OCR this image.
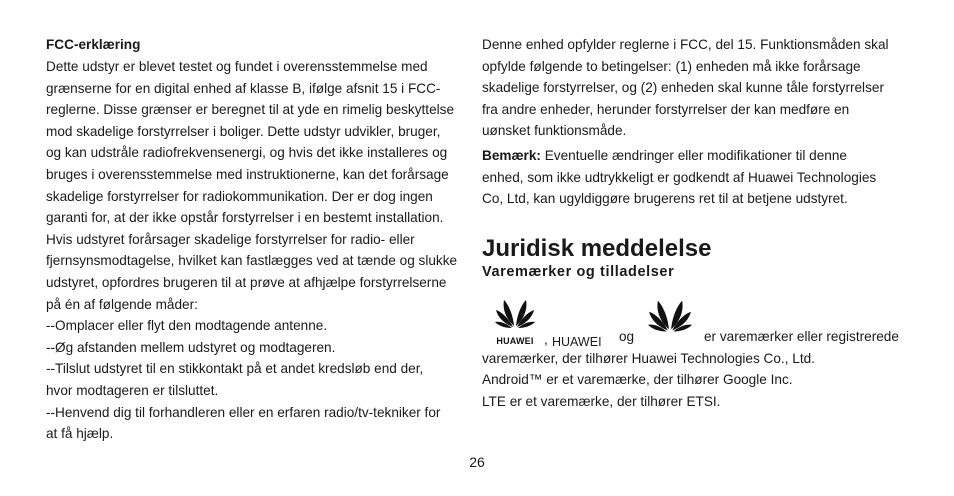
FCC-erklæring

Dette udstyr er blevet testet og fundet i overensstemmelse med

grænserne for en digital enhed af klasse B, ifølge afsnit 15 i FCC-

reglerne. Disse grænser er beregnet til at yde en rimelig beskyttelse

mod skadelige forstyrrelser i boliger. Dette udstyr udvikler, bruger,

og kan udstråle radiofrekvensenergi, og hvis det ikke installeres og

bruges i overensstemmelse med instruktionerne, kan det forårsage

skadelige forstyrrelser for radiokommunikation. Der er dog ingen

garanti for, at der ikke opstår forstyrrelser i en bestemt installation.

Hvis udstyret forårsager skadelige forstyrrelser for radio- eller

fjernsynsmodtagelse, hvilket kan fastlægges ved at tænde og slukke

udstyret, opfordres brugeren til at prøve at afhjælpe forstyrrelserne

på én af følgende måder:

--Omplacer eller flyt den modtagende antenne.

--Øg afstanden mellem udstyret og modtageren.

--Tilslut udstyret til en stikkontakt på et andet kredsløb end der,

hvor modtageren er tilsluttet.

--Henvend dig til forhandleren eller en erfaren radio/tv-tekniker for

at få hjælp.

Denne enhed opfylder reglerne i FCC, del 15. Funktionsmåden skal

opfylde følgende to betingelser: (1) enheden må ikke forårsage

skadelige forstyrrelser, og (2) enheden skal kunne tåle forstyrrelser

fra andre enheder, herunder forstyrrelser der kan medføre en

uønsket funktionsmåde.

Bemærk: Eventuelle ændringer eller modifikationer til denne

enhed, som ikke udtrykkeligt er godkendt af Huawei Technologies

Co, Ltd, kan ugyldiggøre brugerens ret til at betjene udstyret.

Juridisk meddelelse
Varemærker og tilladelser
HUAWEI , HUAWEI og	er varemærker eller registrerede

varemærker, der tilhører Huawei Technologies Co., Ltd.

Android™ er et varemærke, der tilhører Google Inc.

LTE er et varemærke, der tilhører ETSI.

26
